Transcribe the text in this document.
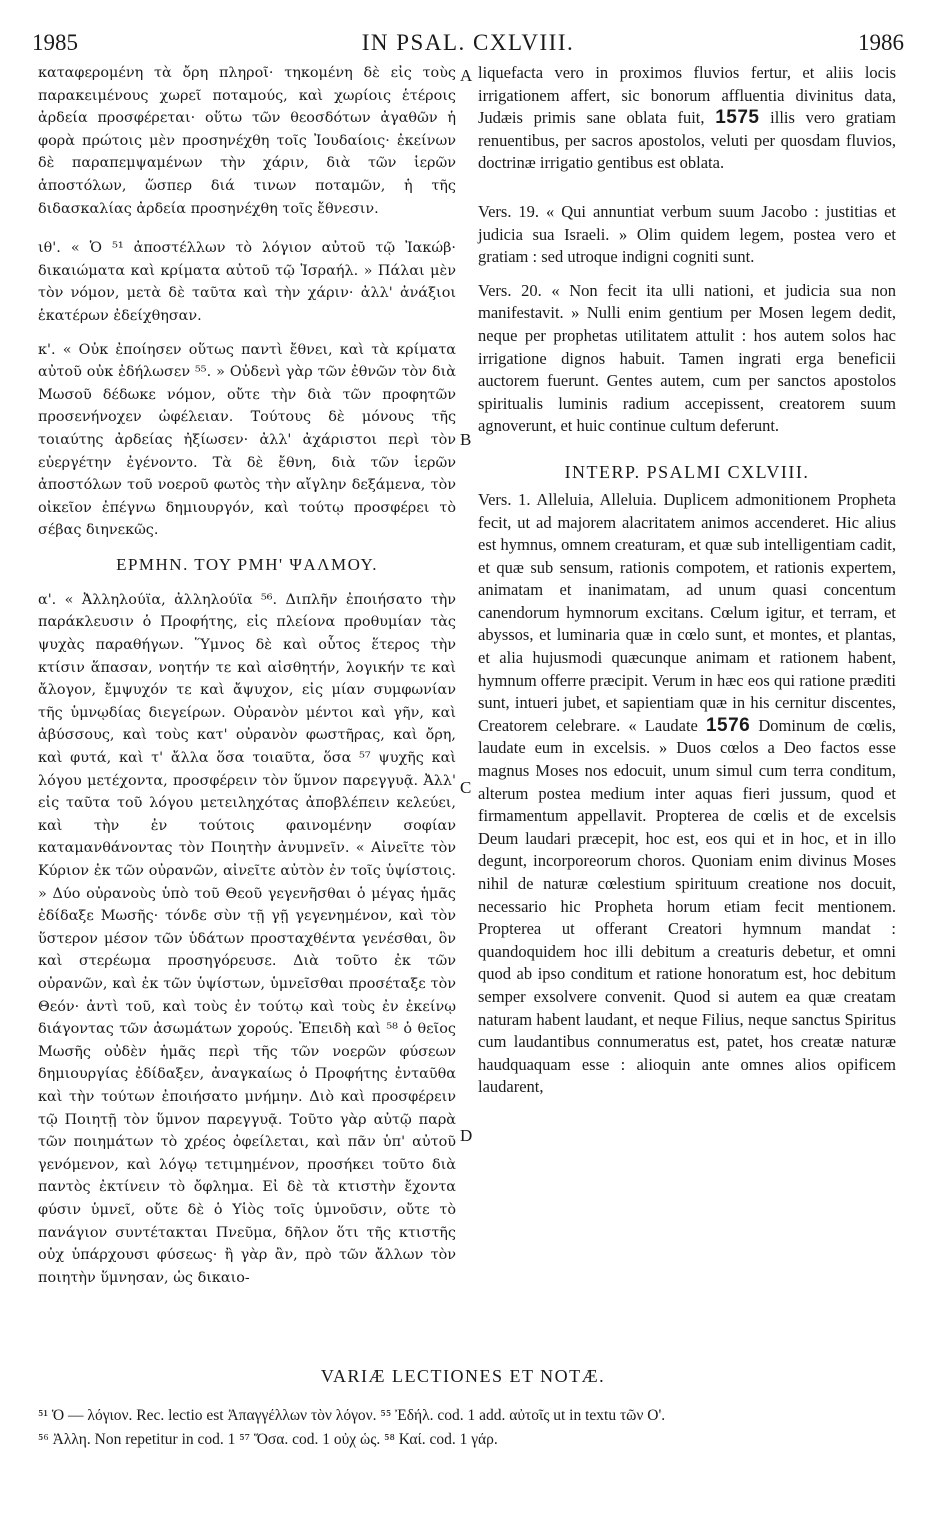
1985	IN PSAL. CXLVIII.	1986

καταφερομένη τὰ ὄρη πληροῖ· τηκομένη δὲ εἰς τοὺς παρακειμένους χωρεῖ ποταμούς, καὶ χωρίοις ἑτέροις ἀρδεία προσφέρεται· οὕτω τῶν θεοσδότων ἀγαθῶν ἡ φορὰ πρώτοις μὲν προσηνέχθη τοῖς Ἰουδαίοις· ἐκείνων δὲ παραπεμψαμένων τὴν χάριν, διὰ τῶν ἱερῶν ἀποστόλων, ὥσπερ διά τινων ποταμῶν, ἡ τῆς διδασκαλίας ἀρδεία προσηνέχθη τοῖς ἔθνεσιν.

ιθ'. « Ὁ ⁵¹ ἀποστέλλων τὸ λόγιον αὐτοῦ τῷ Ἰακώβ· δικαιώματα καὶ κρίματα αὐτοῦ τῷ Ἰσραήλ. » Πάλαι μὲν τὸν νόμον, μετὰ δὲ ταῦτα καὶ τὴν χάριν· ἀλλ' ἀνάξιοι ἑκατέρων ἐδείχθησαν.

κ'. « Οὐκ ἐποίησεν οὕτως παντὶ ἔθνει, καὶ τὰ κρίματα αὐτοῦ οὐκ ἐδήλωσεν ⁵⁵. » Οὐδενὶ γὰρ τῶν ἐθνῶν τὸν διὰ Μωσοῦ δέδωκε νόμον, οὔτε τὴν διὰ τῶν προφητῶν προσενήνοχεν ὠφέλειαν. Τούτους δὲ μόνους τῆς τοιαύτης ἀρδείας ἠξίωσεν· ἀλλ' ἀχάριστοι περὶ τὸν εὐεργέτην ἐγένοντο. Τὰ δὲ ἔθνη, διὰ τῶν ἱερῶν ἀποστόλων τοῦ νοεροῦ φωτὸς τὴν αἴγλην δεξάμενα, τὸν οἰκεῖον ἐπέγνω δημιουργόν, καὶ τούτῳ προσφέρει τὸ σέβας διηνεκῶς.

ΕΡΜΗΝ. ΤΟΥ ΡΜΗ' ΨΑΛΜΟΥ.

α'. « Ἀλληλούϊα, ἀλληλούϊα ⁵⁶. Διπλῆν ἐποιήσατο τὴν παράκλευσιν ὁ Προφήτης, εἰς πλείονα προθυμίαν τὰς ψυχὰς παραθήγων. Ὕμνος δὲ καὶ οὗτος ἕτερος τὴν κτίσιν ἅπασαν, νοητήν τε καὶ αἰσθητήν, λογικήν τε καὶ ἄλογον, ἔμψυχόν τε καὶ ἄψυχον, εἰς μίαν συμφωνίαν τῆς ὑμνῳδίας διεγείρων. Οὐρανὸν μέντοι καὶ γῆν, καὶ ἀβύσσους, καὶ τοὺς κατ' οὐρανὸν φωστῆρας, καὶ ὄρη, καὶ φυτά, καὶ τ' ἄλλα ὅσα τοιαῦτα, ὅσα ⁵⁷ ψυχῆς καὶ λόγου μετέχοντα, προσφέρειν τὸν ὕμνον παρεγγυᾷ. Ἀλλ' εἰς ταῦτα τοῦ λόγου μετειληχότας ἀποβλέπειν κελεύει, καὶ τὴν ἐν τούτοις φαινομένην σοφίαν καταμανθάνοντας τὸν Ποιητὴν ἀνυμνεῖν. « Αἰνεῖτε τὸν Κύριον ἐκ τῶν οὐρανῶν, αἰνεῖτε αὐτὸν ἐν τοῖς ὑψίστοις. » Δύο οὐρανοὺς ὑπὸ τοῦ Θεοῦ γεγενῆσθαι ὁ μέγας ἡμᾶς ἐδίδαξε Μωσῆς· τόνδε σὺν τῇ γῇ γεγενημένον, καὶ τὸν ὕστερον μέσον τῶν ὑδάτων προσταχθέντα γενέσθαι, ὃν καὶ στερέωμα προσηγόρευσε. Διὰ τοῦτο ἐκ τῶν οὐρανῶν, καὶ ἐκ τῶν ὑψίστων, ὑμνεῖσθαι προσέταξε τὸν Θεόν· ἀντὶ τοῦ, καὶ τοὺς ἐν τούτῳ καὶ τοὺς ἐν ἐκείνῳ διάγοντας τῶν ἀσωμάτων χορούς. Ἐπειδὴ καὶ ⁵⁸ ὁ θεῖος Μωσῆς οὐδὲν ἡμᾶς περὶ τῆς τῶν νοερῶν φύσεων δημιουργίας ἐδίδαξεν, ἀναγκαίως ὁ Προφήτης ἐνταῦθα καὶ τὴν τούτων ἐποιήσατο μνήμην. Διὸ καὶ προσφέρειν τῷ Ποιητῇ τὸν ὕμνον παρεγγυᾷ. Τοῦτο γὰρ αὐτῷ παρὰ τῶν ποιημάτων τὸ χρέος ὀφείλεται, καὶ πᾶν ὑπ' αὐτοῦ γενόμενον, καὶ λόγῳ τετιμημένον, προσήκει τοῦτο διὰ παντὸς ἐκτίνειν τὸ ὄφλημα. Εἰ δὲ τὰ κτιστὴν ἔχοντα φύσιν ὑμνεῖ, οὔτε δὲ ὁ Υἱὸς τοῖς ὑμνοῦσιν, οὔτε τὸ πανάγιον συντέτακται Πνεῦμα, δῆλον ὅτι τῆς κτιστῆς οὐχ ὑπάρχουσι φύσεως· ἢ γὰρ ἂν, πρὸ τῶν ἄλλων τὸν ποιητὴν ὕμνησαν, ὡς δικαιο-

A
B
C
D

liquefacta vero in proximos fluvios fertur, et aliis locis irrigationem affert, sic bonorum affluentia divinitus data, Judæis primis sane oblata fuit, 1575 illis vero gratiam renuentibus, per sacros apostolos, veluti per quosdam fluvios, doctrinæ irrigatio gentibus est oblata.

Vers. 19. « Qui annuntiat verbum suum Jacobo : justitias et judicia sua Israeli. » Olim quidem legem, postea vero et gratiam : sed utroque indigni cogniti sunt.

Vers. 20. « Non fecit ita ulli nationi, et judicia sua non manifestavit. » Nulli enim gentium per Mosen legem dedit, neque per prophetas utilitatem attulit : hos autem solos hac irrigatione dignos habuit. Tamen ingrati erga beneficii auctorem fuerunt. Gentes autem, cum per sanctos apostolos spiritualis luminis radium accepissent, creatorem suum agnoverunt, et huic continue cultum deferunt.

INTERP. PSALMI CXLVIII.

Vers. 1. Alleluia, Alleluia. Duplicem admonitionem Propheta fecit, ut ad majorem alacritatem animos accenderet. Hic alius est hymnus, omnem creaturam, et quæ sub intelligentiam cadit, et quæ sub sensum, rationis compotem, et rationis expertem, animatam et inanimatam, ad unum quasi concentum canendorum hymnorum excitans. Cœlum igitur, et terram, et abyssos, et luminaria quæ in cœlo sunt, et montes, et plantas, et alia hujusmodi quæcunque animam et rationem habent, hymnum offerre præcipit. Verum in hæc eos qui ratione præditi sunt, intueri jubet, et sapientiam quæ in his cernitur discentes, Creatorem celebrare. « Laudate 1576 Dominum de cœlis, laudate eum in excelsis. » Duos cœlos a Deo factos esse magnus Moses nos edocuit, unum simul cum terra conditum, alterum postea medium inter aquas fieri jussum, quod et firmamentum appellavit. Propterea de cœlis et de excelsis Deum laudari præcepit, hoc est, eos qui et in hoc, et in illo degunt, incorporeorum choros. Quoniam enim divinus Moses nihil de naturæ cœlestium spirituum creatione nos docuit, necessario hic Propheta horum etiam fecit mentionem. Propterea ut offerant Creatori hymnum mandat : quandoquidem hoc illi debitum a creaturis debetur, et omni quod ab ipso conditum et ratione honoratum est, hoc debitum semper exsolvere convenit. Quod si autem ea quæ creatam naturam habent laudant, et neque Filius, neque sanctus Spiritus cum laudantibus connumeratus est, patet, hos creatæ naturæ haudquaquam esse : alioquin ante omnes alios opificem laudarent,

VARIÆ LECTIONES ET NOTÆ.
⁵¹ Ὁ — λόγιον. Rec. lectio est Ἀπαγγέλλων τὸν λόγον. ⁵⁵ Ἐδήλ. cod. 1 add. αὐτοῖς ut in textu τῶν Ο'.
⁵⁶ Ἀλλη. Non repetitur in cod. 1 ⁵⁷ Ὅσα. cod. 1 οὐχ ὡς. ⁵⁸ Καί. cod. 1 γάρ.
